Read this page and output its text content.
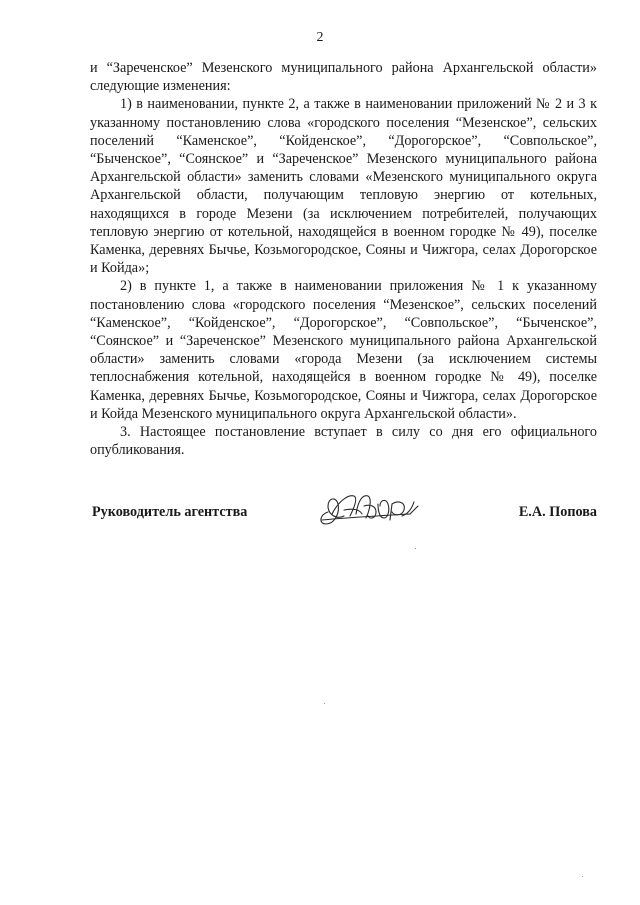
2

и “Зареченское” Мезенского муниципального района Архангельской области» следующие изменения:

1) в наименовании, пункте 2, а также в наименовании приложений № 2 и 3 к указанному постановлению слова «городского поселения “Мезенское”, сельских поселений “Каменское”, “Койденское”, “Дорогорское”, “Совпольское”, “Быченское”, “Соянское” и “Зареченское” Мезенского муниципального района Архангельской области» заменить словами «Мезенского муниципального округа Архангельской области, получающим тепловую энергию от котельных, находящихся в городе Мезени (за исключением потребителей, получающих тепловую энергию от котельной, находящейся в военном городке № 49), поселке Каменка, деревнях Бычье, Козьмогородское, Сояны и Чижгора, селах Дорогорское и Койда»;

2) в пункте 1, а также в наименовании приложения № 1 к указанному постановлению слова «городского поселения “Мезенское”, сельских поселений “Каменское”, “Койденское”, “Дорогорское”, “Совпольское”, “Быченское”, “Соянское” и “Зареченское” Мезенского муниципального района Архангельской области» заменить словами «города Мезени (за исключением системы теплоснабжения котельной, находящейся в военном городке № 49), поселке Каменка, деревнях Бычье, Козьмогородское, Сояны и Чижгора, селах Дорогорское и Койда Мезенского муниципального округа Архангельской области».

3. Настоящее постановление вступает в силу со дня его официального опубликования.

Руководитель агентства	Е.А. Попова
